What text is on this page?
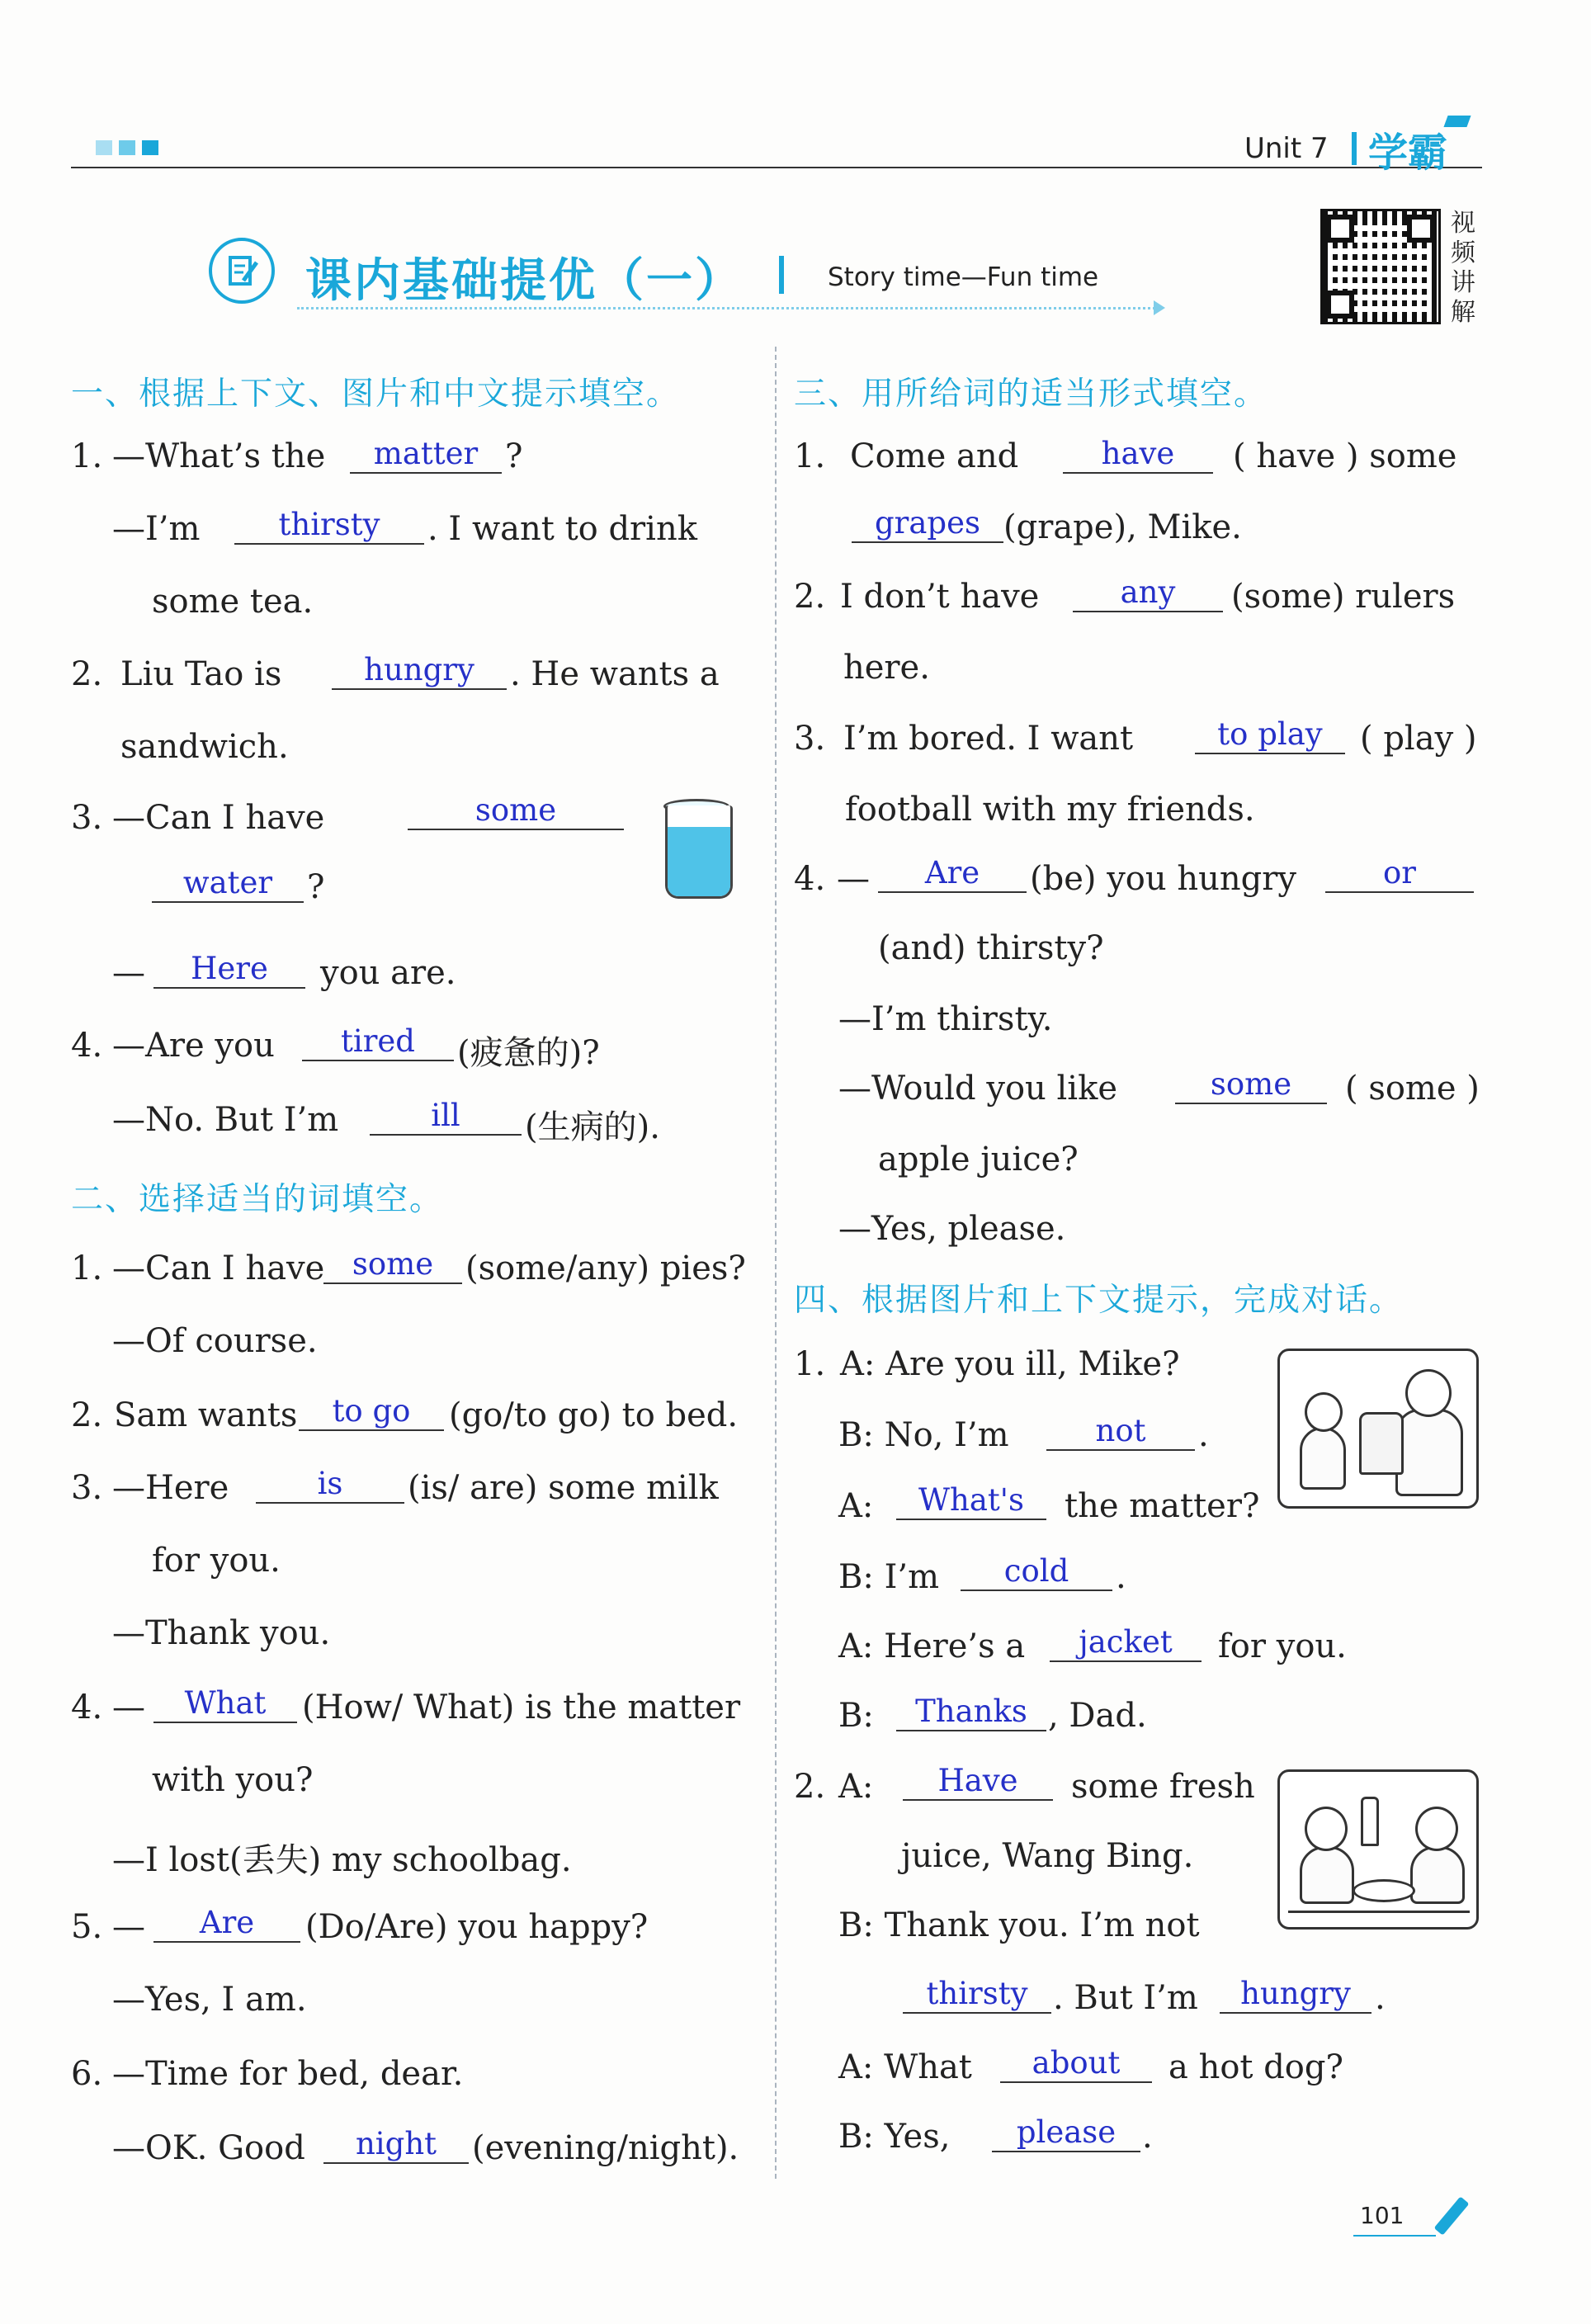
Unit 7 学霸
课内基础提优（一）	Story time—Fun time
视频讲解
一、根据上下文、图片和中文提示填空。
1. —What’s the	matter ?
—I’m	thirsty	. I want to drink
some tea.
2. Liu Tao is	hungry	. He wants a
sandwich.
3. —Can I have	some
water	?
—	Here	you are.
4. —Are you	tired	(疲惫的)?
—No. But I’m	ill	(生病的).
二、选择适当的词填空。
1. —Can I have some (some/any) pies?
—Of course.
2. Sam wants	to go	(go/to go) to bed.
3. —Here	is	(is/ are) some milk
for you.
—Thank you.
4. —	What	(How/ What) is the matter
with you?
—I lost(丢失) my schoolbag.
5. —	Are	(Do/Are) you happy?
—Yes, I am.
6. —Time for bed, dear.
—OK. Good	night	(evening/night).
三、用所给词的适当形式填空。
1. Come and	have	( have ) some
grapes (grape), Mike.
2. I don’t have	any	(some) rulers
here.
3. I’m bored. I want	to play	( play )
football with my friends.
4. —	Are	(be) you hungry	or
(and) thirsty?
—I’m thirsty.
—Would you like	some	( some )
apple juice?
—Yes, please.
四、根据图片和上下文提示，完成对话。
1. A: Are you ill, Mike?
B: No, I’m	not	.
A:	What's	the matter?
B: I’m	cold	.
A: Here’s a	jacket	for you.
B:	Thanks , Dad.
2. A:	Have	some fresh
juice, Wang Bing.
B: Thank you. I’m not
thirsty . But I’m	hungry .
A: What	about	a hot dog?
B: Yes,	please .
101
